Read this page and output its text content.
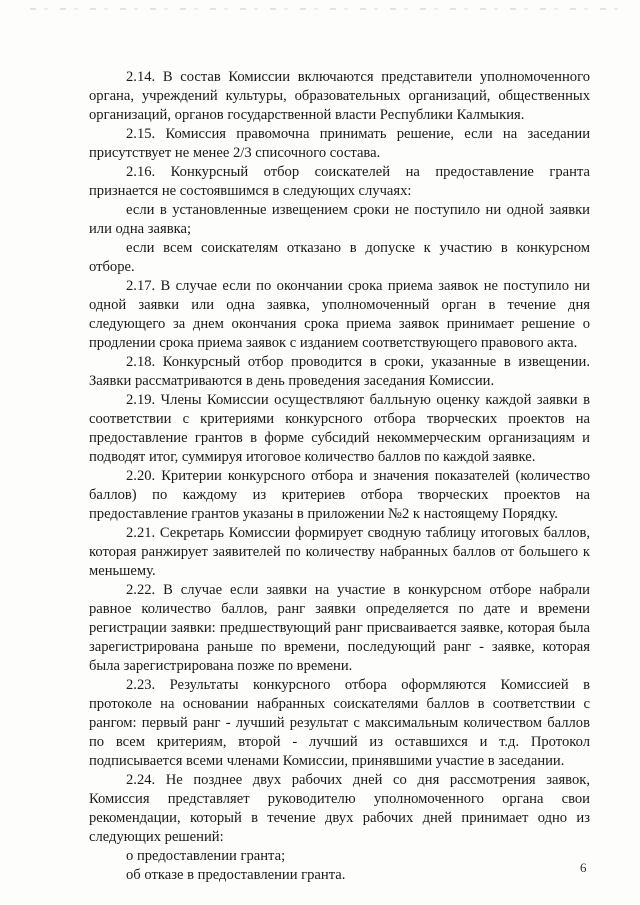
2.14. В состав Комиссии включаются представители уполномоченного органа, учреждений культуры, образовательных организаций, общественных организаций, органов государственной власти Республики Калмыкия.

2.15. Комиссия правомочна принимать решение, если на заседании присутствует не менее 2/3 списочного состава.

2.16. Конкурсный отбор соискателей на предоставление гранта признается не состоявшимся в следующих случаях:

если в установленные извещением сроки не поступило ни одной заявки или одна заявка;

если всем соискателям отказано в допуске к участию в конкурсном отборе.

2.17. В случае если по окончании срока приема заявок не поступило ни одной заявки или одна заявка, уполномоченный орган в течение дня следующего за днем окончания срока приема заявок принимает решение о продлении срока приема заявок с изданием соответствующего правового акта.

2.18. Конкурсный отбор проводится в сроки, указанные в извещении. Заявки рассматриваются в день проведения заседания Комиссии.

2.19. Члены Комиссии осуществляют балльную оценку каждой заявки в соответствии с критериями конкурсного отбора творческих проектов на предоставление грантов в форме субсидий некоммерческим организациям и подводят итог, суммируя итоговое количество баллов по каждой заявке.

2.20. Критерии конкурсного отбора и значения показателей (количество баллов) по каждому из критериев отбора творческих проектов на предоставление грантов указаны в приложении №2 к настоящему Порядку.

2.21. Секретарь Комиссии формирует сводную таблицу итоговых баллов, которая ранжирует заявителей по количеству набранных баллов от большего к меньшему.

2.22. В случае если заявки на участие в конкурсном отборе набрали равное количество баллов, ранг заявки определяется по дате и времени регистрации заявки: предшествующий ранг присваивается заявке, которая была зарегистрирована раньше по времени, последующий ранг - заявке, которая была зарегистрирована позже по времени.

2.23. Результаты конкурсного отбора оформляются Комиссией в протоколе на основании набранных соискателями баллов в соответствии с рангом: первый ранг - лучший результат с максимальным количеством баллов по всем критериям, второй - лучший из оставшихся и т.д. Протокол подписывается всеми членами Комиссии, принявшими участие в заседании.

2.24. Не позднее двух рабочих дней со дня рассмотрения заявок, Комиссия представляет руководителю уполномоченного органа свои рекомендации, который в течение двух рабочих дней принимает одно из следующих решений:

о предоставлении гранта;

об отказе в предоставлении гранта.	6
